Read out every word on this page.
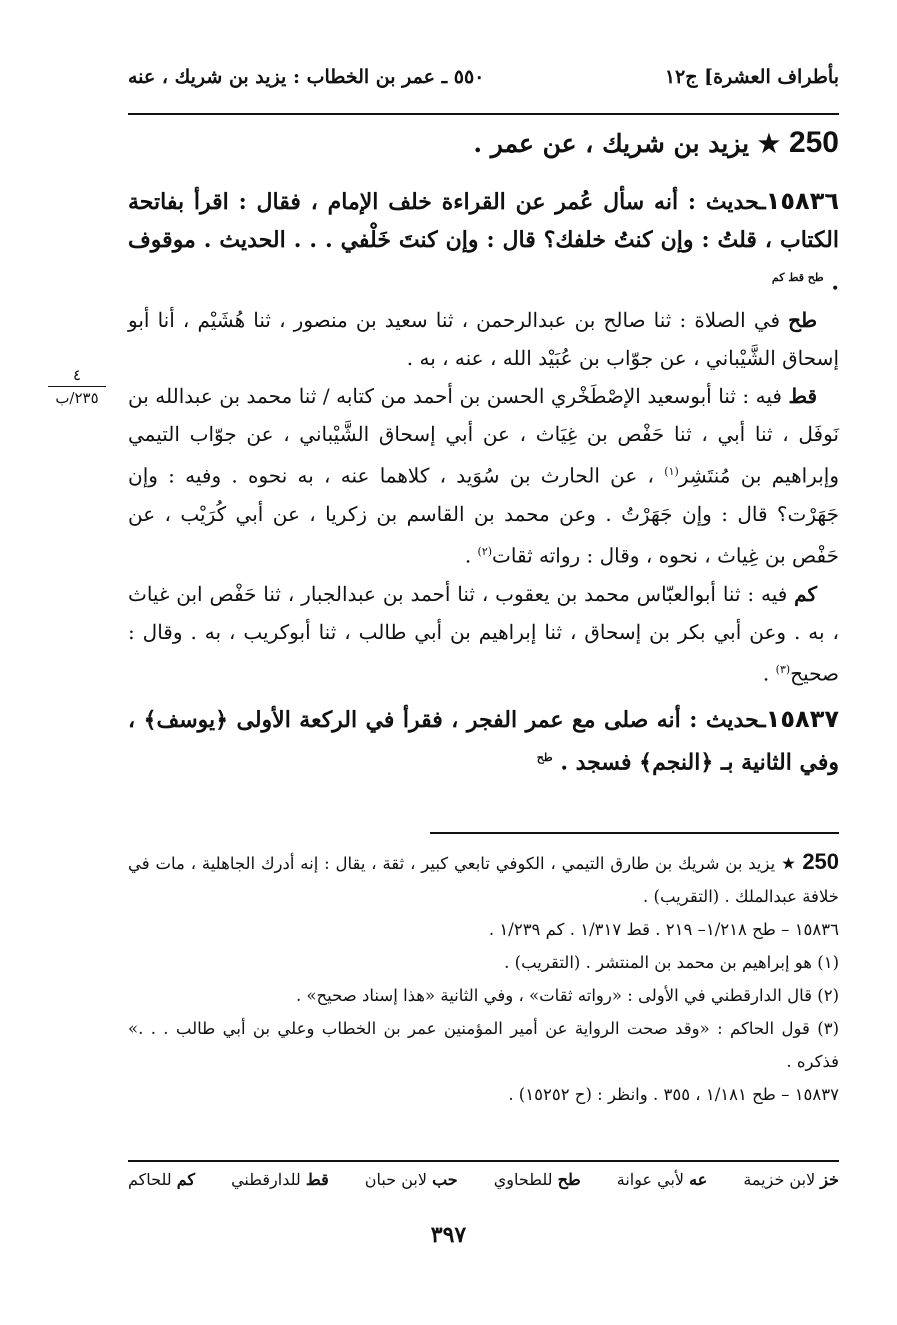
بأطراف العشرة] ج١٢
٥٥٠ ـ عمر بن الخطاب : يزيد بن شريك ، عنه
250 ★ يزيد بن شريك ، عن عمر .
٤
٢٣٥/ب

١٥٨٣٦ـحديث : أنه سأل عُمر عن القراءة خلف الإمام ، فقال : اقرأ بفاتحة الكتاب ، قلتُ : وإن كنتُ خلفك؟ قال : وإن كنتَ خَلْفي . . . الحديث . موقوف . $^{طح قط كم}$

طح في الصلاة : ثنا صالح بن عبدالرحمن ، ثنا سعيد بن منصور ، ثنا هُشَيْم ، أنا أبو إسحاق الشَّيْباني ، عن جوّاب بن عُبَيْد الله ، عنه ، به .

قط فيه : ثنا أبوسعيد الإصْطَخْري الحسن بن أحمد من كتابه / ثنا محمد بن عبدالله بن نَوفَل ، ثنا أبي ، ثنا حَفْص بن غِيَاث ، عن أبي إسحاق الشَّيْباني ، عن جوّاب التيمي وإبراهيم بن مُنتَشِر$^{(١)}$ ، عن الحارث بن سُوَيد ، كلاهما عنه ، به نحوه . وفيه : وإن جَهَرْت؟ قال : وإن جَهَرْتُ . وعن محمد بن القاسم بن زكريا ، عن أبي كُرَيْب ، عن حَفْص بن غِياث ، نحوه ، وقال : رواته ثقات$^{(٢)}$ .

كم فيه : ثنا أبوالعبّاس محمد بن يعقوب ، ثنا أحمد بن عبدالجبار ، ثنا حَفْص ابن غياث ، به . وعن أبي بكر بن إسحاق ، ثنا إبراهيم بن أبي طالب ، ثنا أبوكريب ، به . وقال : صحيح$^{(٣)}$ .

١٥٨٣٧ـحديث : أنه صلى مع عمر الفجر ، فقرأ في الركعة الأولى ﴿يوسف﴾ ، وفي الثانية بـ ﴿النجم﴾ فسجد . $^{طح}$

250 ★ يزيد بن شريك بن طارق التيمي ، الكوفي تابعي كبير ، ثقة ، يقال : إنه أدرك الجاهلية ، مات في خلافة عبدالملك . (التقريب) .

١٥٨٣٦ – طح ١/٢١٨– ٢١٩ . قط ١/٣١٧ . كم ١/٢٣٩ .

(١) هو إبراهيم بن محمد بن المنتشر . (التقريب) .

(٢) قال الدارقطني في الأولى : «رواته ثقات» ، وفي الثانية «هذا إسناد صحيح» .

(٣) قول الحاكم : «وقد صحت الرواية عن أمير المؤمنين عمر بن الخطاب وعلي بن أبي طالب . . .» فذكره .

١٥٨٣٧ – طح ١/١٨١ ، ٣٥٥ . وانظر : (ح ١٥٢٥٢) .

خز لابن خزيمة
عه لأبي عوانة
طح للطحاوي
حب لابن حبان
قط للدارقطني
كم للحاكم
٣٩٧
